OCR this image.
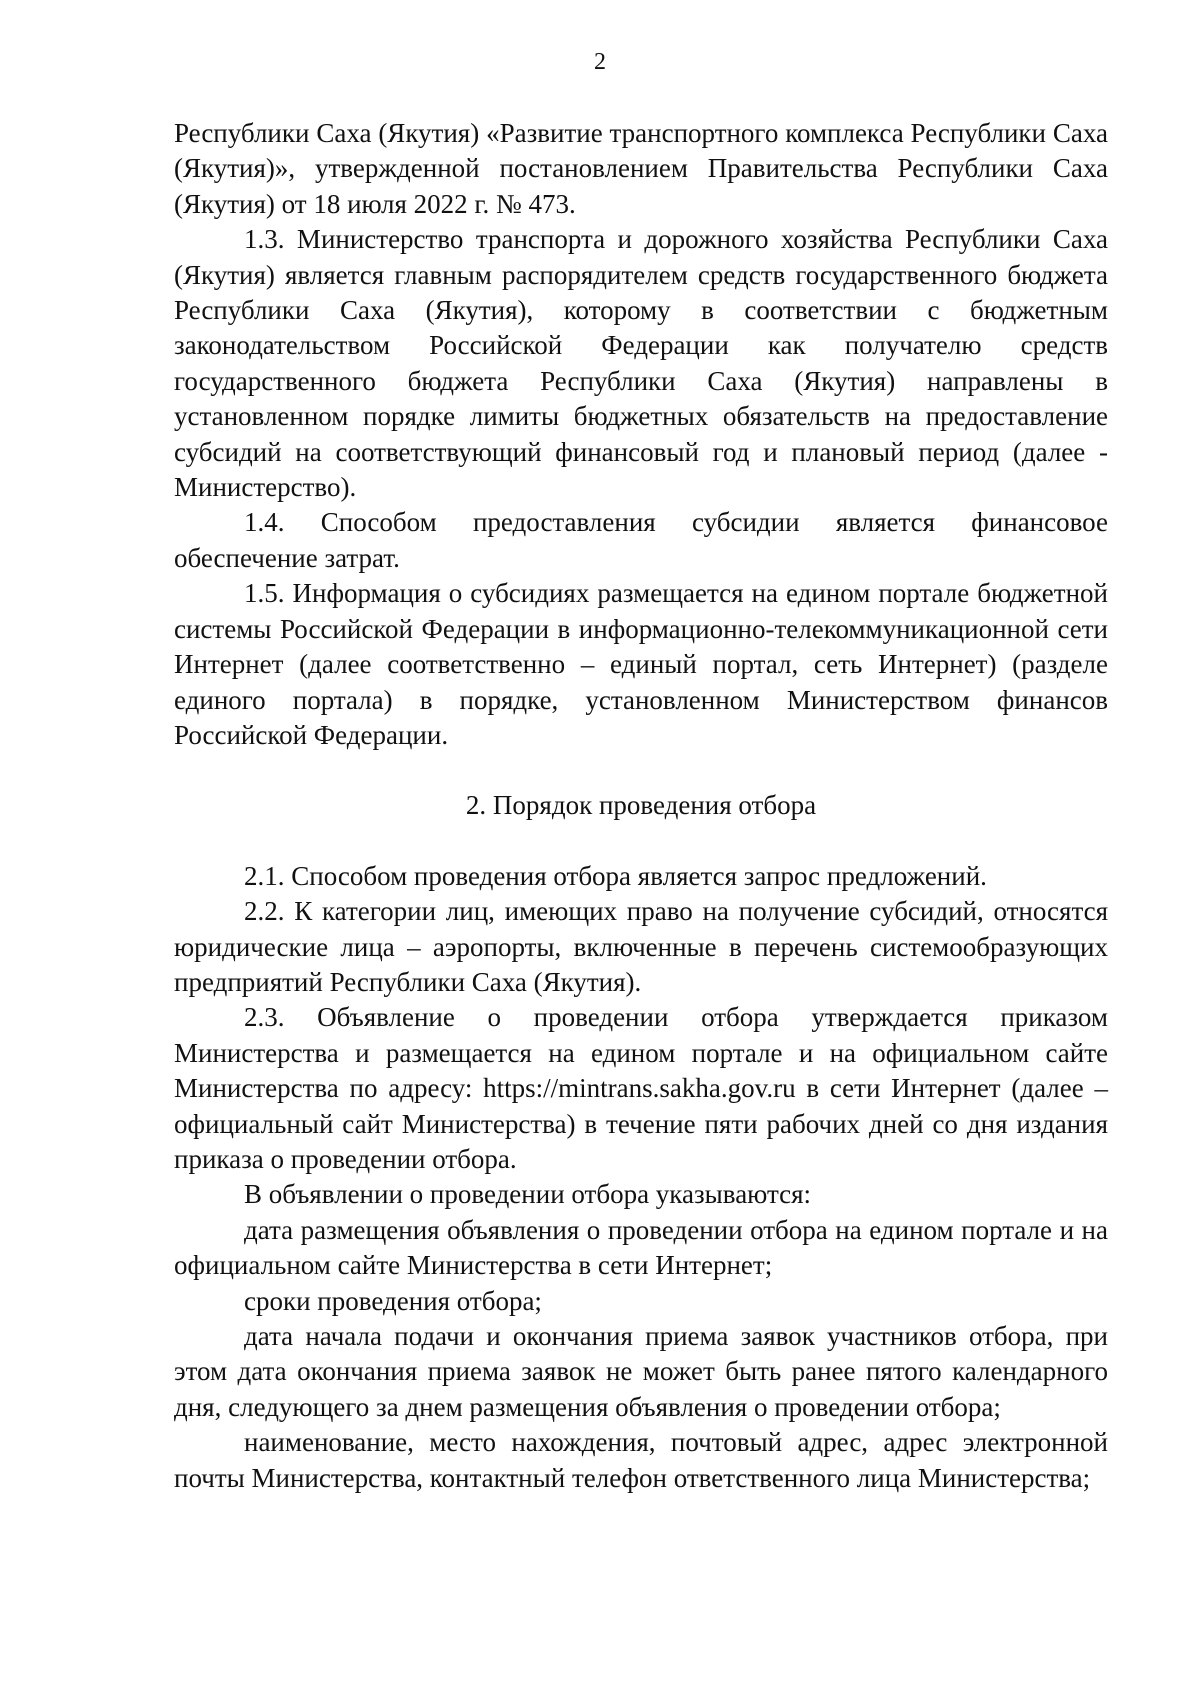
2

Республики Саха (Якутия) «Развитие транспортного комплекса Республики Саха (Якутия)», утвержденной постановлением Правительства Республики Саха (Якутия) от 18 июля 2022 г. № 473.

1.3. Министерство транспорта и дорожного хозяйства Республики Саха (Якутия) является главным распорядителем средств государственного бюджета Республики Саха (Якутия), которому в соответствии с бюджетным законодательством Российской Федерации как получателю средств государственного бюджета Республики Саха (Якутия) направлены в установленном порядке лимиты бюджетных обязательств на предоставление субсидий на соответствующий финансовый год и плановый период (далее - Министерство).

1.4. Способом предоставления субсидии является финансовое обеспечение затрат.

1.5. Информация о субсидиях размещается на едином портале бюджетной системы Российской Федерации в информационно-телекоммуникационной сети Интернет (далее соответственно – единый портал, сеть Интернет) (разделе единого портала) в порядке, установленном Министерством финансов Российской Федерации.

2. Порядок проведения отбора

2.1. Способом проведения отбора является запрос предложений.

2.2. К категории лиц, имеющих право на получение субсидий, относятся юридические лица – аэропорты, включенные в перечень системообразующих предприятий Республики Саха (Якутия).

2.3. Объявление о проведении отбора утверждается приказом Министерства и размещается на едином портале и на официальном сайте Министерства по адресу: https://mintrans.sakha.gov.ru в сети Интернет (далее – официальный сайт Министерства) в течение пяти рабочих дней со дня издания приказа о проведении отбора.

В объявлении о проведении отбора указываются:

дата размещения объявления о проведении отбора на едином портале и на официальном сайте Министерства в сети Интернет;

сроки проведения отбора;

дата начала подачи и окончания приема заявок участников отбора, при этом дата окончания приема заявок не может быть ранее пятого календарного дня, следующего за днем размещения объявления о проведении отбора;

наименование, место нахождения, почтовый адрес, адрес электронной почты Министерства, контактный телефон ответственного лица Министерства;
